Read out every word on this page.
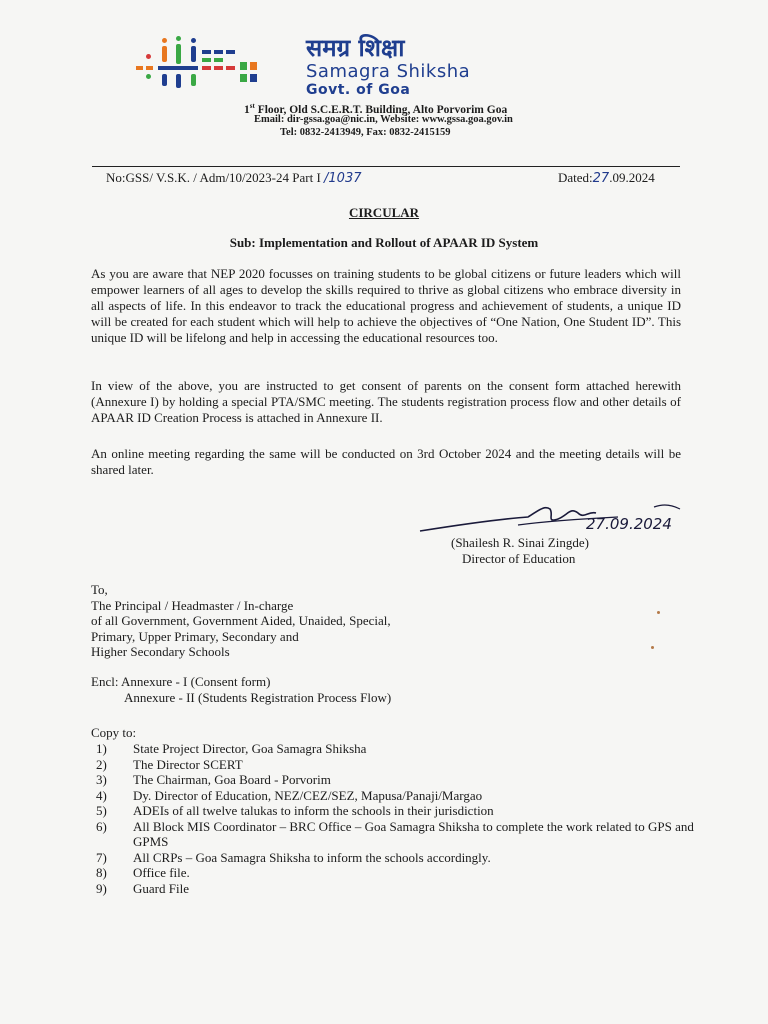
समग्र शिक्षा
Samagra Shiksha
Govt. of Goa
1st Floor, Old S.C.E.R.T. Building, Alto Porvorim Goa
Email: dir-gssa.goa@nic.in, Website: www.gssa.goa.gov.in
Tel: 0832-2413949, Fax: 0832-2415159
No:GSS/ V.S.K. / Adm/10/2023-24 Part I /1037	Dated:27.09.2024
CIRCULAR
Sub: Implementation and Rollout of APAAR ID System
As you are aware that NEP 2020 focusses on training students to be global citizens or future leaders which will empower learners of all ages to develop the skills required to thrive as global citizens who embrace diversity in all aspects of life. In this endeavor to track the educational progress and achievement of students, a unique ID will be created for each student which will help to achieve the objectives of “One Nation, One Student ID”. This unique ID will be lifelong and help in accessing the educational resources too.
In view of the above, you are instructed to get consent of parents on the consent form attached herewith (Annexure I) by holding a special PTA/SMC meeting. The students registration process flow and other details of APAAR ID Creation Process is attached in Annexure II.
An online meeting regarding the same will be conducted on 3rd October 2024 and the meeting details will be shared later.
27.09.2024
(Shailesh R. Sinai Zingde)
Director of Education
To,
The Principal / Headmaster / In-charge
of all Government, Government Aided, Unaided, Special,
Primary, Upper Primary, Secondary and
Higher Secondary Schools
Encl: Annexure - I (Consent form)
Annexure - II (Students Registration Process Flow)
Copy to:
1)	State Project Director, Goa Samagra Shiksha
2)	The Director SCERT
3)	The Chairman, Goa Board - Porvorim
4)	Dy. Director of Education, NEZ/CEZ/SEZ, Mapusa/Panaji/Margao
5)	ADEIs of all twelve talukas to inform the schools in their jurisdiction
6)	All Block MIS Coordinator – BRC Office – Goa Samagra Shiksha to complete the work related to GPS and GPMS
7)	All CRPs – Goa Samagra Shiksha to inform the schools accordingly.
8)	Office file.
9)	Guard File
